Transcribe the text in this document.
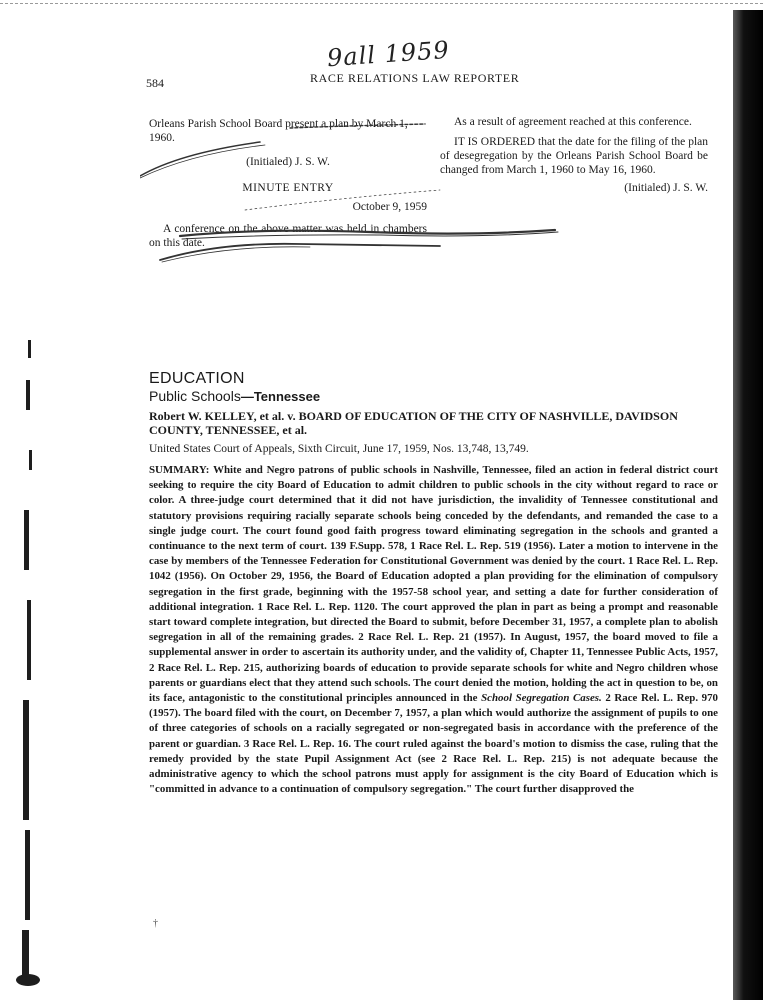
9all 1959
584	RACE RELATIONS LAW REPORTER

Orleans Parish School Board present a plan by March 1, 1960.

(Initialed) J. S. W.

MINUTE ENTRY

October 9, 1959

A conference on the above matter was held in chambers on this date.

As a result of agreement reached at this conference.

IT IS ORDERED that the date for the filing of the plan of desegregation by the Orleans Parish School Board be changed from March 1, 1960 to May 16, 1960.

(Initialed) J. S. W.

EDUCATION
Public Schools—Tennessee
Robert W. KELLEY, et al. v. BOARD OF EDUCATION OF THE CITY OF NASHVILLE, DAVIDSON COUNTY, TENNESSEE, et al.
United States Court of Appeals, Sixth Circuit, June 17, 1959, Nos. 13,748, 13,749.
SUMMARY: White and Negro patrons of public schools in Nashville, Tennessee, filed an action in federal district court seeking to require the city Board of Education to admit children to public schools in the city without regard to race or color. A three-judge court determined that it did not have jurisdiction, the invalidity of Tennessee constitutional and statutory provisions requiring racially separate schools being conceded by the defendants, and remanded the case to a single judge court. The court found good faith progress toward eliminating segregation in the schools and granted a continuance to the next term of court. 139 F.Supp. 578, 1 Race Rel. L. Rep. 519 (1956). Later a motion to intervene in the case by members of the Tennessee Federation for Constitutional Government was denied by the court. 1 Race Rel. L. Rep. 1042 (1956). On October 29, 1956, the Board of Education adopted a plan providing for the elimination of compulsory segregation in the first grade, beginning with the 1957-58 school year, and setting a date for further consideration of additional integration. 1 Race Rel. L. Rep. 1120. The court approved the plan in part as being a prompt and reasonable start toward complete integration, but directed the Board to submit, before December 31, 1957, a complete plan to abolish segregation in all of the remaining grades. 2 Race Rel. L. Rep. 21 (1957). In August, 1957, the board moved to file a supplemental answer in order to ascertain its authority under, and the validity of, Chapter 11, Tennessee Public Acts, 1957, 2 Race Rel. L. Rep. 215, authorizing boards of education to provide separate schools for white and Negro children whose parents or guardians elect that they attend such schools. The court denied the motion, holding the act in question to be, on its face, antagonistic to the constitutional principles announced in the School Segregation Cases. 2 Race Rel. L. Rep. 970 (1957). The board filed with the court, on December 7, 1957, a plan which would authorize the assignment of pupils to one of three categories of schools on a racially segregated or non-segregated basis in accordance with the preference of the parent or guardian. 3 Race Rel. L. Rep. 16. The court ruled against the board's motion to dismiss the case, ruling that the remedy provided by the state Pupil Assignment Act (see 2 Race Rel. L. Rep. 215) is not adequate because the administrative agency to which the school patrons must apply for assignment is the city Board of Education which is "committed in advance to a continuation of compulsory segregation." The court further disapproved the
†
